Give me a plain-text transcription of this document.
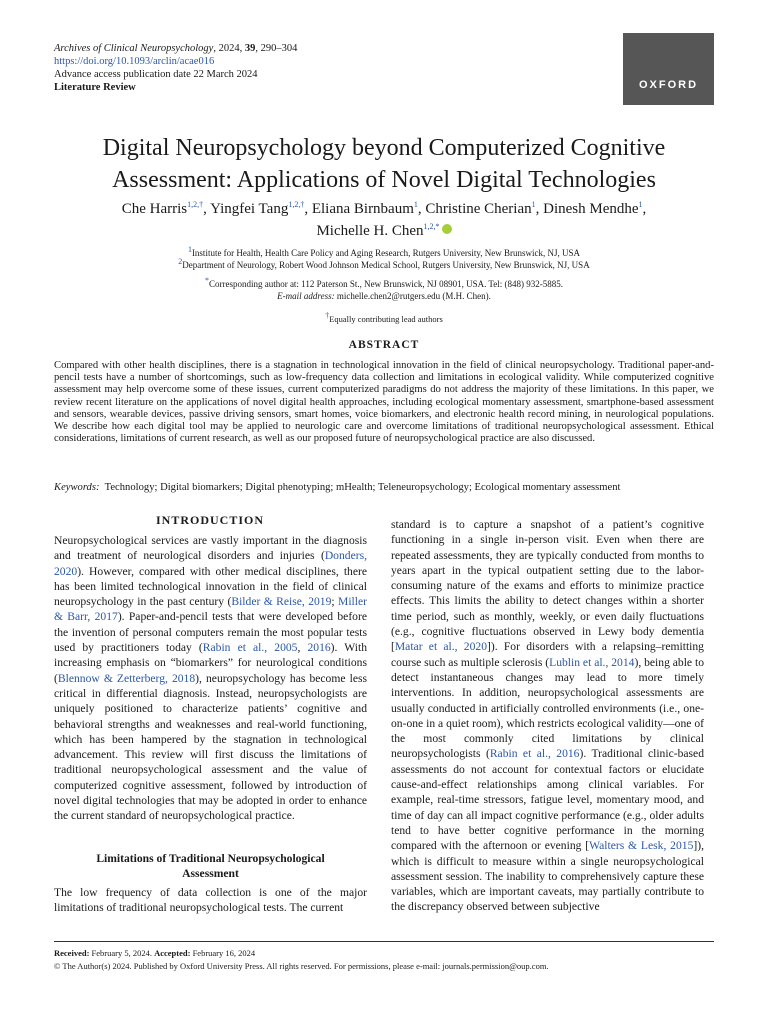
Archives of Clinical Neuropsychology, 2024, 39, 290–304
https://doi.org/10.1093/arclin/acae016
Advance access publication date 22 March 2024
Literature Review	OXFORD
Digital Neuropsychology beyond Computerized Cognitive
Assessment: Applications of Novel Digital Technologies
Che Harris$^{1,2,\dagger}$, Yingfei Tang$^{1,2,\dagger}$, Eliana Birnbaum$^1$, Christine Cherian$^1$, Dinesh Mendhe$^1$,
Michelle H. Chen$^{1,2,*}$
$^1$Institute for Health, Health Care Policy and Aging Research, Rutgers University, New Brunswick, NJ, USA
$^2$Department of Neurology, Robert Wood Johnson Medical School, Rutgers University, New Brunswick, NJ, USA
*Corresponding author at: 112 Paterson St., New Brunswick, NJ 08901, USA. Tel: (848) 932-5885.
E-mail address: michelle.chen2@rutgers.edu (M.H. Chen).
†Equally contributing lead authors
ABSTRACT

Compared with other health disciplines, there is a stagnation in technological innovation in the field of clinical neuropsychology. Traditional paper-and-pencil tests have a number of shortcomings, such as low-frequency data collection and limitations in ecological validity. While computerized cognitive assessment may help overcome some of these issues, current computerized paradigms do not address the majority of these limitations. In this paper, we review recent literature on the applications of novel digital health approaches, including ecological momentary assessment, smartphone-based assessment and sensors, wearable devices, passive driving sensors, smart homes, voice biomarkers, and electronic health record mining, in neurological populations. We describe how each digital tool may be applied to neurologic care and overcome limitations of traditional neuropsychological assessment. Ethical considerations, limitations of current research, as well as our proposed future of neuropsychological practice are also discussed.

Keywords: Technology; Digital biomarkers; Digital phenotyping; mHealth; Teleneuropsychology; Ecological momentary assessment
INTRODUCTION

Neuropsychological services are vastly important in the diagnosis and treatment of neurological disorders and injuries (Donders, 2020). However, compared with other medical disciplines, there has been limited technological innovation in the field of clinical neuropsychology in the past century (Bilder & Reise, 2019; Miller & Barr, 2017). Paper-and-pencil tests that were developed before the invention of personal computers remain the most popular tests used by practitioners today (Rabin et al., 2005, 2016). With increasing emphasis on “biomarkers” for neurological conditions (Blennow & Zetterberg, 2018), neuropsychology has become less critical in differential diagnosis. Instead, neuropsychologists are uniquely positioned to characterize patients’ cognitive and behavioral strengths and weaknesses and real-world functioning, which has been hampered by the stagnation in technological advancement. This review will first discuss the limitations of traditional neuropsychological assessment and the value of computerized cognitive assessment, followed by introduction of novel digital technologies that may be adopted in order to enhance the current standard of neuropsychological practice.

Limitations of Traditional Neuropsychological
Assessment

The low frequency of data collection is one of the major limitations of traditional neuropsychological tests. The current

standard is to capture a snapshot of a patient’s cognitive functioning in a single in-person visit. Even when there are repeated assessments, they are typically conducted from months to years apart in the typical outpatient setting due to the labor-consuming nature of the exams and efforts to minimize practice effects. This limits the ability to detect changes within a shorter time period, such as monthly, weekly, or even daily fluctuations (e.g., cognitive fluctuations observed in Lewy body dementia [Matar et al., 2020]). For disorders with a relapsing–remitting course such as multiple sclerosis (Lublin et al., 2014), being able to detect instantaneous changes may lead to more timely interventions. In addition, neuropsychological assessments are usually conducted in artificially controlled environments (i.e., one-on-one in a quiet room), which restricts ecological validity—one of the most commonly cited limitations by clinical neuropsychologists (Rabin et al., 2016). Traditional clinic-based assessments do not account for contextual factors or elucidate cause-and-effect relationships among clinical variables. For example, real-time stressors, fatigue level, momentary mood, and time of day can all impact cognitive performance (e.g., older adults tend to have better cognitive performance in the morning compared with the afternoon or evening [Walters & Lesk, 2015]), which is difficult to measure within a single neuropsychological assessment session. The inability to comprehensively capture these variables, which are important caveats, may partially contribute to the discrepancy observed between subjective

Received: February 5, 2024. Accepted: February 16, 2024
© The Author(s) 2024. Published by Oxford University Press. All rights reserved. For permissions, please e-mail: journals.permission@oup.com.
